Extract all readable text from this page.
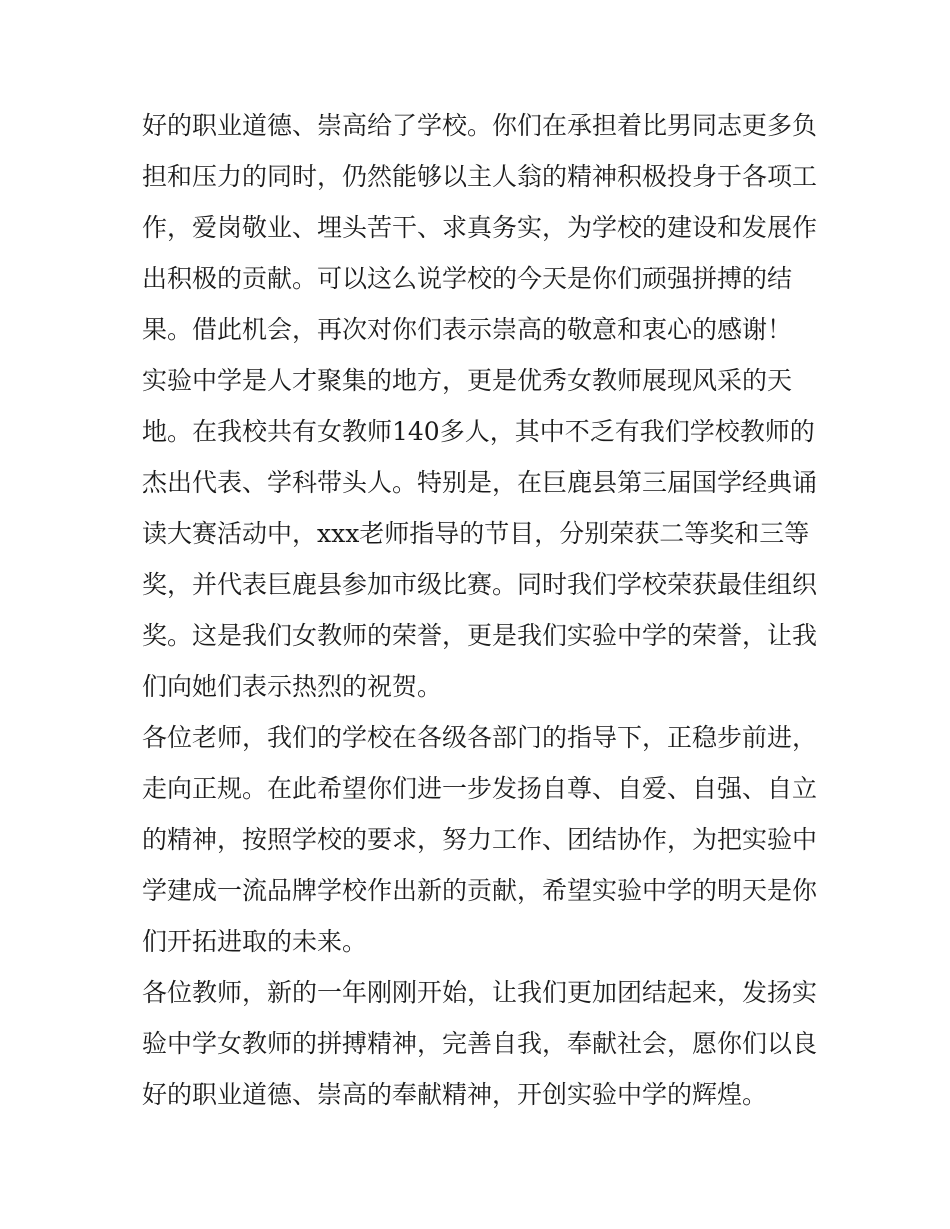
好的职业道德、崇高给了学校。你们在承担着比男同志更多负
担和压力的同时，仍然能够以主人翁的精神积极投身于各项工
作，爱岗敬业、埋头苦干、求真务实，为学校的建设和发展作
出积极的贡献。可以这么说学校的今天是你们顽强拼搏的结
果。借此机会，再次对你们表示崇高的敬意和衷心的感谢！
实验中学是人才聚集的地方，更是优秀女教师展现风采的天
地。在我校共有女教师140多人，其中不乏有我们学校教师的
杰出代表、学科带头人。特别是，在巨鹿县第三届国学经典诵
读大赛活动中，xxx老师指导的节目，分别荣获二等奖和三等
奖，并代表巨鹿县参加市级比赛。同时我们学校荣获最佳组织
奖。这是我们女教师的荣誉，更是我们实验中学的荣誉，让我
们向她们表示热烈的祝贺。
各位老师，我们的学校在各级各部门的指导下，正稳步前进，
走向正规。在此希望你们进一步发扬自尊、自爱、自强、自立
的精神，按照学校的要求，努力工作、团结协作，为把实验中
学建成一流品牌学校作出新的贡献，希望实验中学的明天是你
们开拓进取的未来。
各位教师，新的一年刚刚开始，让我们更加团结起来，发扬实
验中学女教师的拼搏精神，完善自我，奉献社会，愿你们以良
好的职业道德、崇高的奉献精神，开创实验中学的辉煌。
